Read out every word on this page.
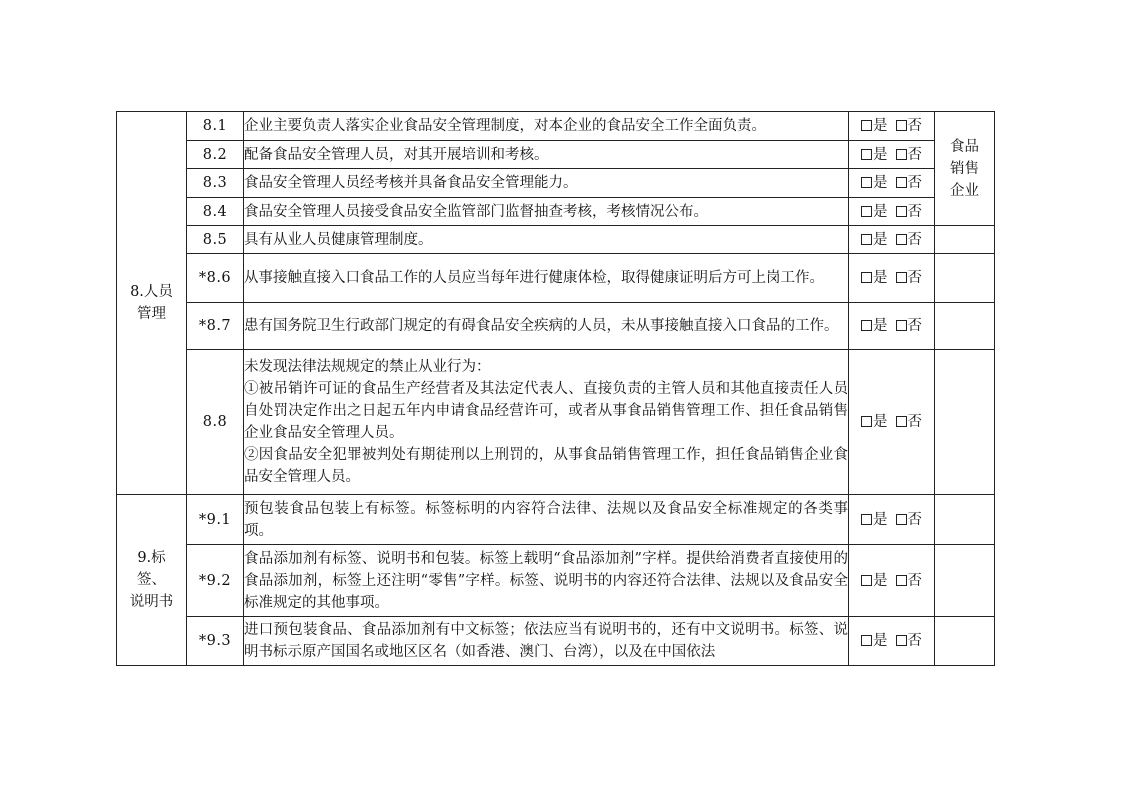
8.人员
管理	8.1	企业主要负责人落实企业食品安全管理制度，对本企业的食品安全工作全面负责。	是 否	食品
销售
企业

	8.2	配备食品安全管理人员，对其开展培训和考核。	是 否	
	8.3	食品安全管理人员经考核并具备食品安全管理能力。	是 否	
	8.4	食品安全管理人员接受食品安全监管部门监督抽查考核，考核情况公布。	是 否	
	8.5	具有从业人员健康管理制度。	是 否	
	*8.6	从事接触直接入口食品工作的人员应当每年进行健康体检，取得健康证明后方可上岗工作。	是 否	
	*8.7	患有国务院卫生行政部门规定的有碍食品安全疾病的人员，未从事接触直接入口食品的工作。	是 否	
	8.8	未发现法律法规规定的禁止从业行为：
①被吊销许可证的食品生产经营者及其法定代表人、直接负责的主管人员和其他直接责任人员自处罚决定作出之日起五年内申请食品经营许可，或者从事食品销售管理工作、担任食品销售企业食品安全管理人员。
②因食品安全犯罪被判处有期徒刑以上刑罚的，从事食品销售管理工作，担任食品销售企业食品安全管理人员。	是 否	

9.标
签、
说明书	*9.1	预包装食品包装上有标签。标签标明的内容符合法律、法规以及食品安全标准规定的各类事项。	是 否	
	*9.2	食品添加剂有标签、说明书和包装。标签上载明“食品添加剂”字样。提供给消费者直接使用的食品添加剂，标签上还注明“零售”字样。标签、说明书的内容还符合法律、法规以及食品安全标准规定的其他事项。	是 否	
	*9.3	进口预包装食品、食品添加剂有中文标签；依法应当有说明书的，还有中文说明书。标签、说明书标示原产国国名或地区区名（如香港、澳门、台湾），以及在中国依法	是 否	
